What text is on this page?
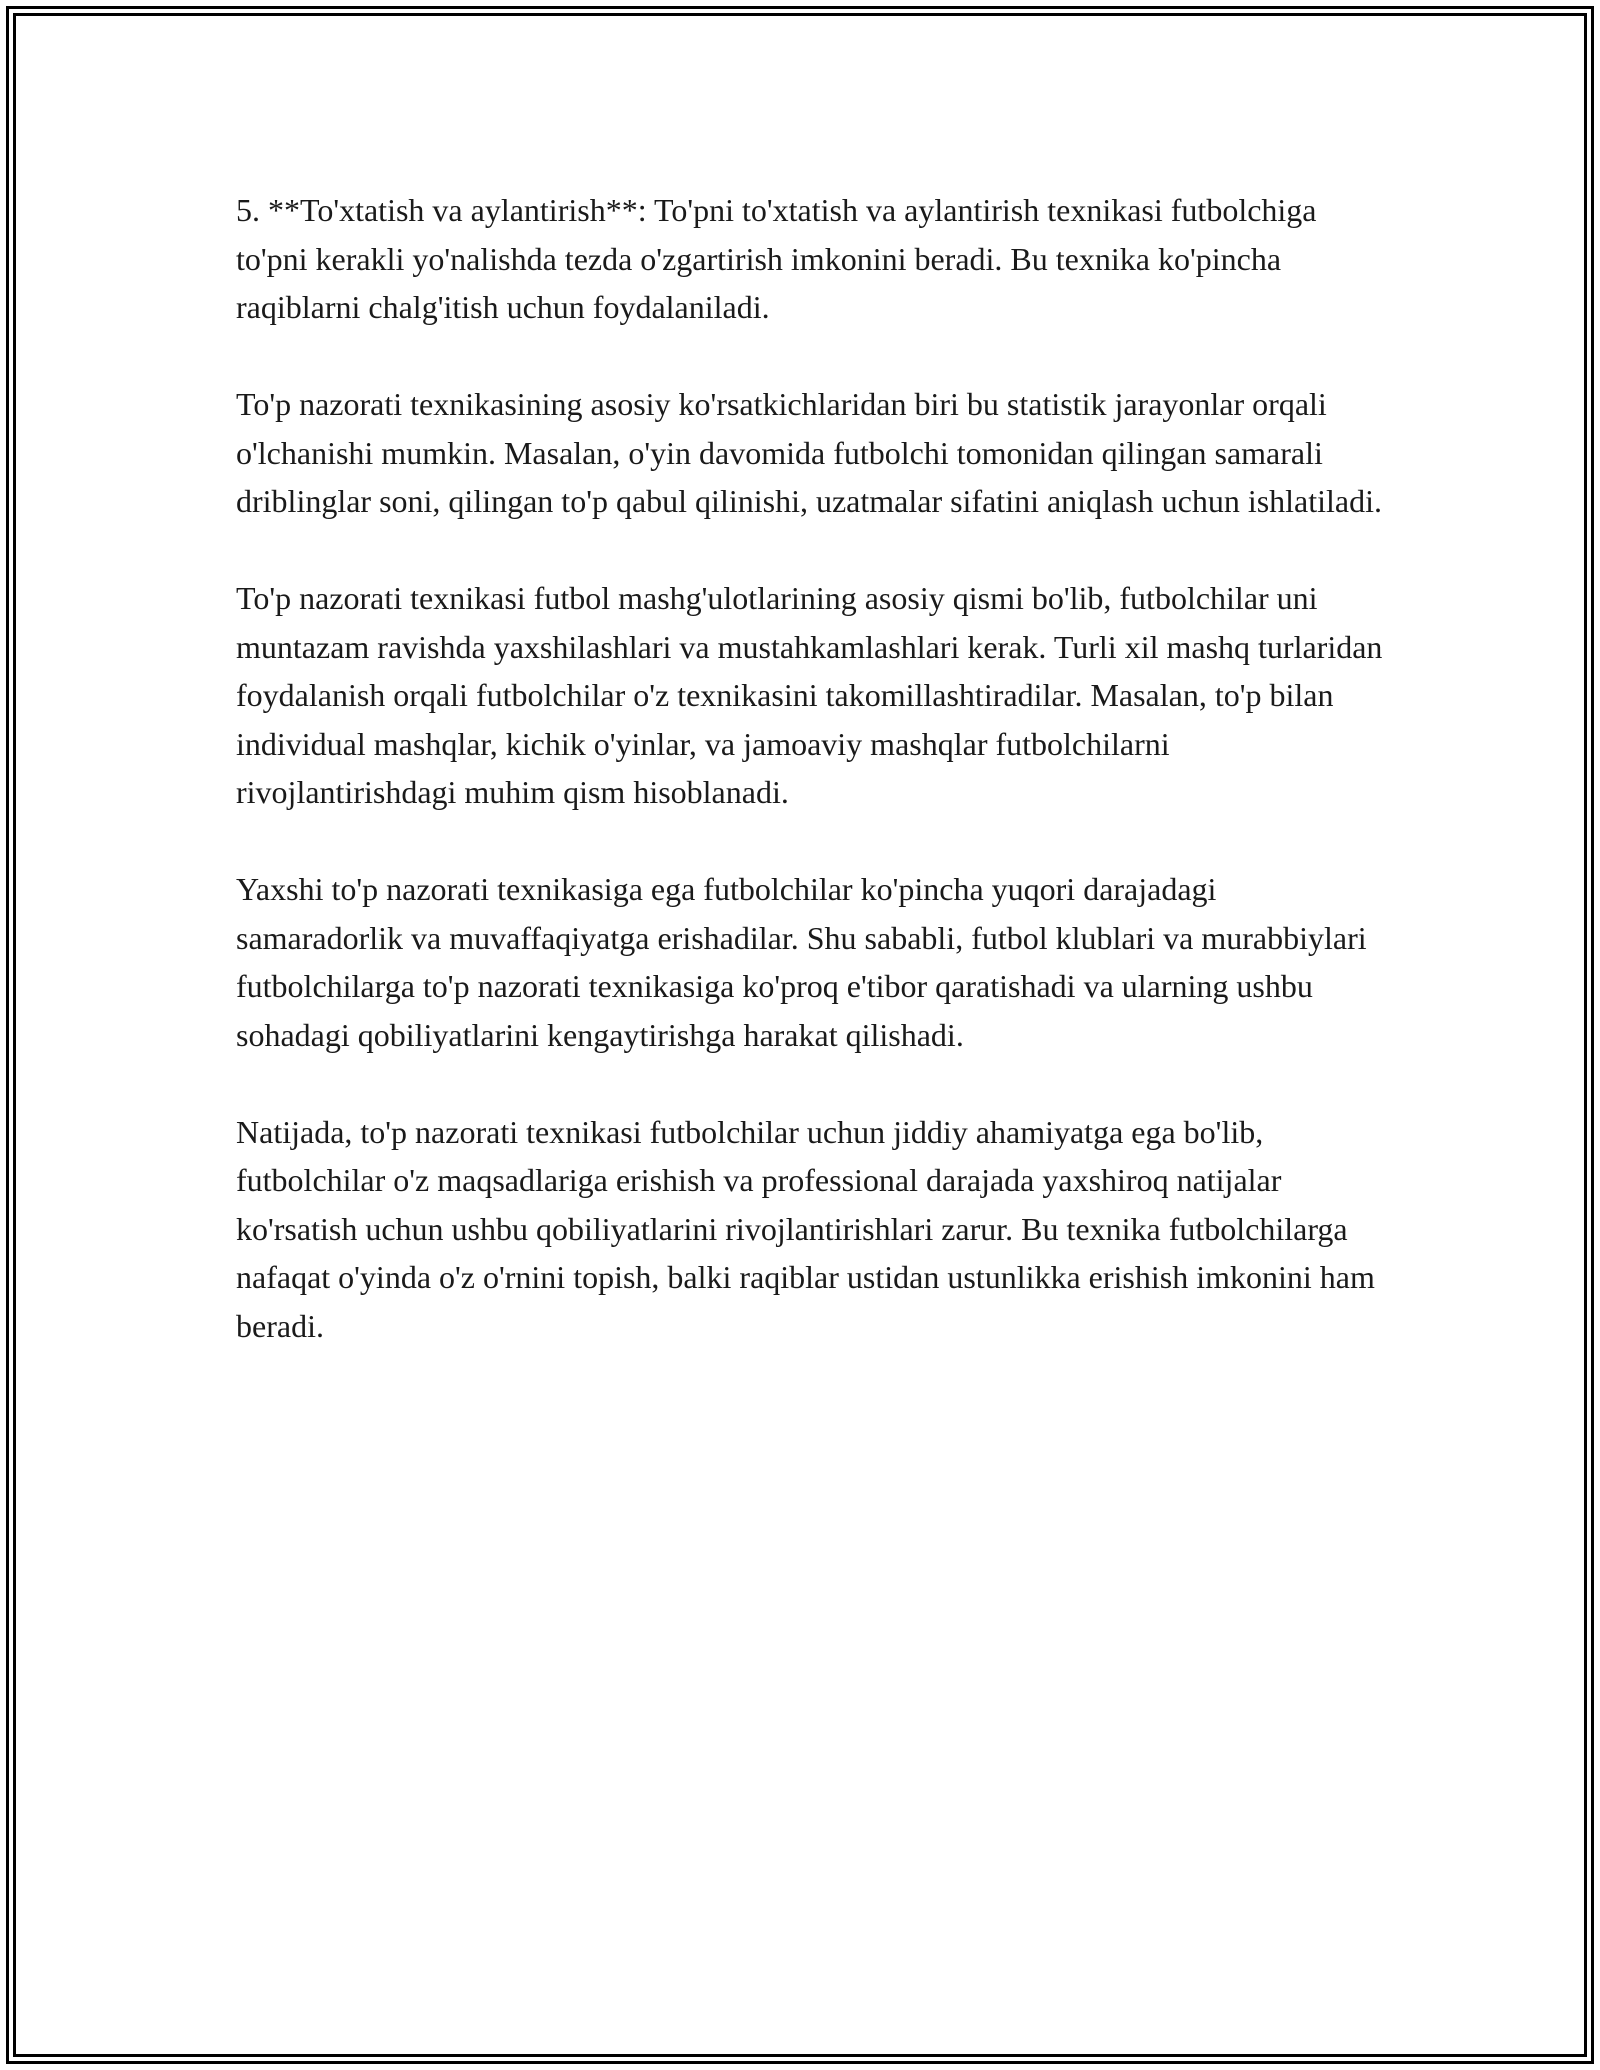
5. **To'xtatish va aylantirish**: To'pni to'xtatish va aylantirish texnikasi futbolchiga to'pni kerakli yo'nalishda tezda o'zgartirish imkonini beradi. Bu texnika ko'pincha raqiblarni chalg'itish uchun foydalaniladi.

To'p nazorati texnikasining asosiy ko'rsatkichlaridan biri bu statistik jarayonlar orqali o'lchanishi mumkin. Masalan, o'yin davomida futbolchi tomonidan qilingan samarali driblinglar soni, qilingan to'p qabul qilinishi, uzatmalar sifatini aniqlash uchun ishlatiladi.

To'p nazorati texnikasi futbol mashg'ulotlarining asosiy qismi bo'lib, futbolchilar uni muntazam ravishda yaxshilashlari va mustahkamlashlari kerak. Turli xil mashq turlaridan foydalanish orqali futbolchilar o'z texnikasini takomillashtiradilar. Masalan, to'p bilan individual mashqlar, kichik o'yinlar, va jamoaviy mashqlar futbolchilarni rivojlantirishdagi muhim qism hisoblanadi.

Yaxshi to'p nazorati texnikasiga ega futbolchilar ko'pincha yuqori darajadagi samaradorlik va muvaffaqiyatga erishadilar. Shu sababli, futbol klublari va murabbiylari futbolchilarga to'p nazorati texnikasiga ko'proq e'tibor qaratishadi va ularning ushbu sohadagi qobiliyatlarini kengaytirishga harakat qilishadi.

Natijada, to'p nazorati texnikasi futbolchilar uchun jiddiy ahamiyatga ega bo'lib, futbolchilar o'z maqsadlariga erishish va professional darajada yaxshiroq natijalar ko'rsatish uchun ushbu qobiliyatlarini rivojlantirishlari zarur. Bu texnika futbolchilarga nafaqat o'yinda o'z o'rnini topish, balki raqiblar ustidan ustunlikka erishish imkonini ham beradi.
